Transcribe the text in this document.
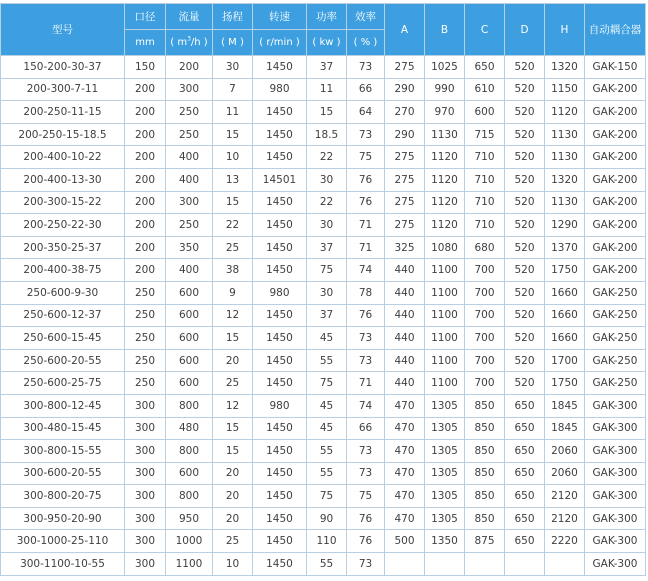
型号	口径	流量	扬程	转速	功率	效率	A	B	C	D	H	自动耦合器
	mm	( $m^3/h$ )	( M )	( r/min )	( kw )	( % )						
150-200-30-37	150	200	30	1450	37	73	275	1025	650	520	1320	GAK-150
200-300-7-11	200	300	7	980	11	66	290	990	610	520	1150	GAK-200
200-250-11-15	200	250	11	1450	15	64	270	970	600	520	1120	GAK-200
200-250-15-18.5	200	250	15	1450	18.5	73	290	1130	715	520	1130	GAK-200
200-400-10-22	200	400	10	1450	22	75	275	1120	710	520	1130	GAK-200
200-400-13-30	200	400	13	14501	30	76	275	1120	710	520	1320	GAK-200
200-300-15-22	200	300	15	1450	22	76	275	1120	710	520	1130	GAK-200
200-250-22-30	200	250	22	1450	30	71	275	1120	710	520	1290	GAK-200
200-350-25-37	200	350	25	1450	37	71	325	1080	680	520	1370	GAK-200
200-400-38-75	200	400	38	1450	75	74	440	1100	700	520	1750	GAK-200
250-600-9-30	250	600	9	980	30	78	440	1100	700	520	1660	GAK-250
250-600-12-37	250	600	12	1450	37	76	440	1100	700	520	1660	GAK-250
250-600-15-45	250	600	15	1450	45	73	440	1100	700	520	1660	GAK-250
250-600-20-55	250	600	20	1450	55	73	440	1100	700	520	1700	GAK-250
250-600-25-75	250	600	25	1450	75	71	440	1100	700	520	1750	GAK-250
300-800-12-45	300	800	12	980	45	74	470	1305	850	650	1845	GAK-300
300-480-15-45	300	480	15	1450	45	66	470	1305	850	650	1845	GAK-300
300-800-15-55	300	800	15	1450	55	73	470	1305	850	650	2060	GAK-300
300-600-20-55	300	600	20	1450	55	73	470	1305	850	650	2060	GAK-300
300-800-20-75	300	800	20	1450	75	75	470	1305	850	650	2120	GAK-300
300-950-20-90	300	950	20	1450	90	76	470	1305	850	650	2120	GAK-300
300-1000-25-110	300	1000	25	1450	110	76	500	1350	875	650	2220	GAK-300
300-1100-10-55	300	1100	10	1450	55	73						GAK-300
